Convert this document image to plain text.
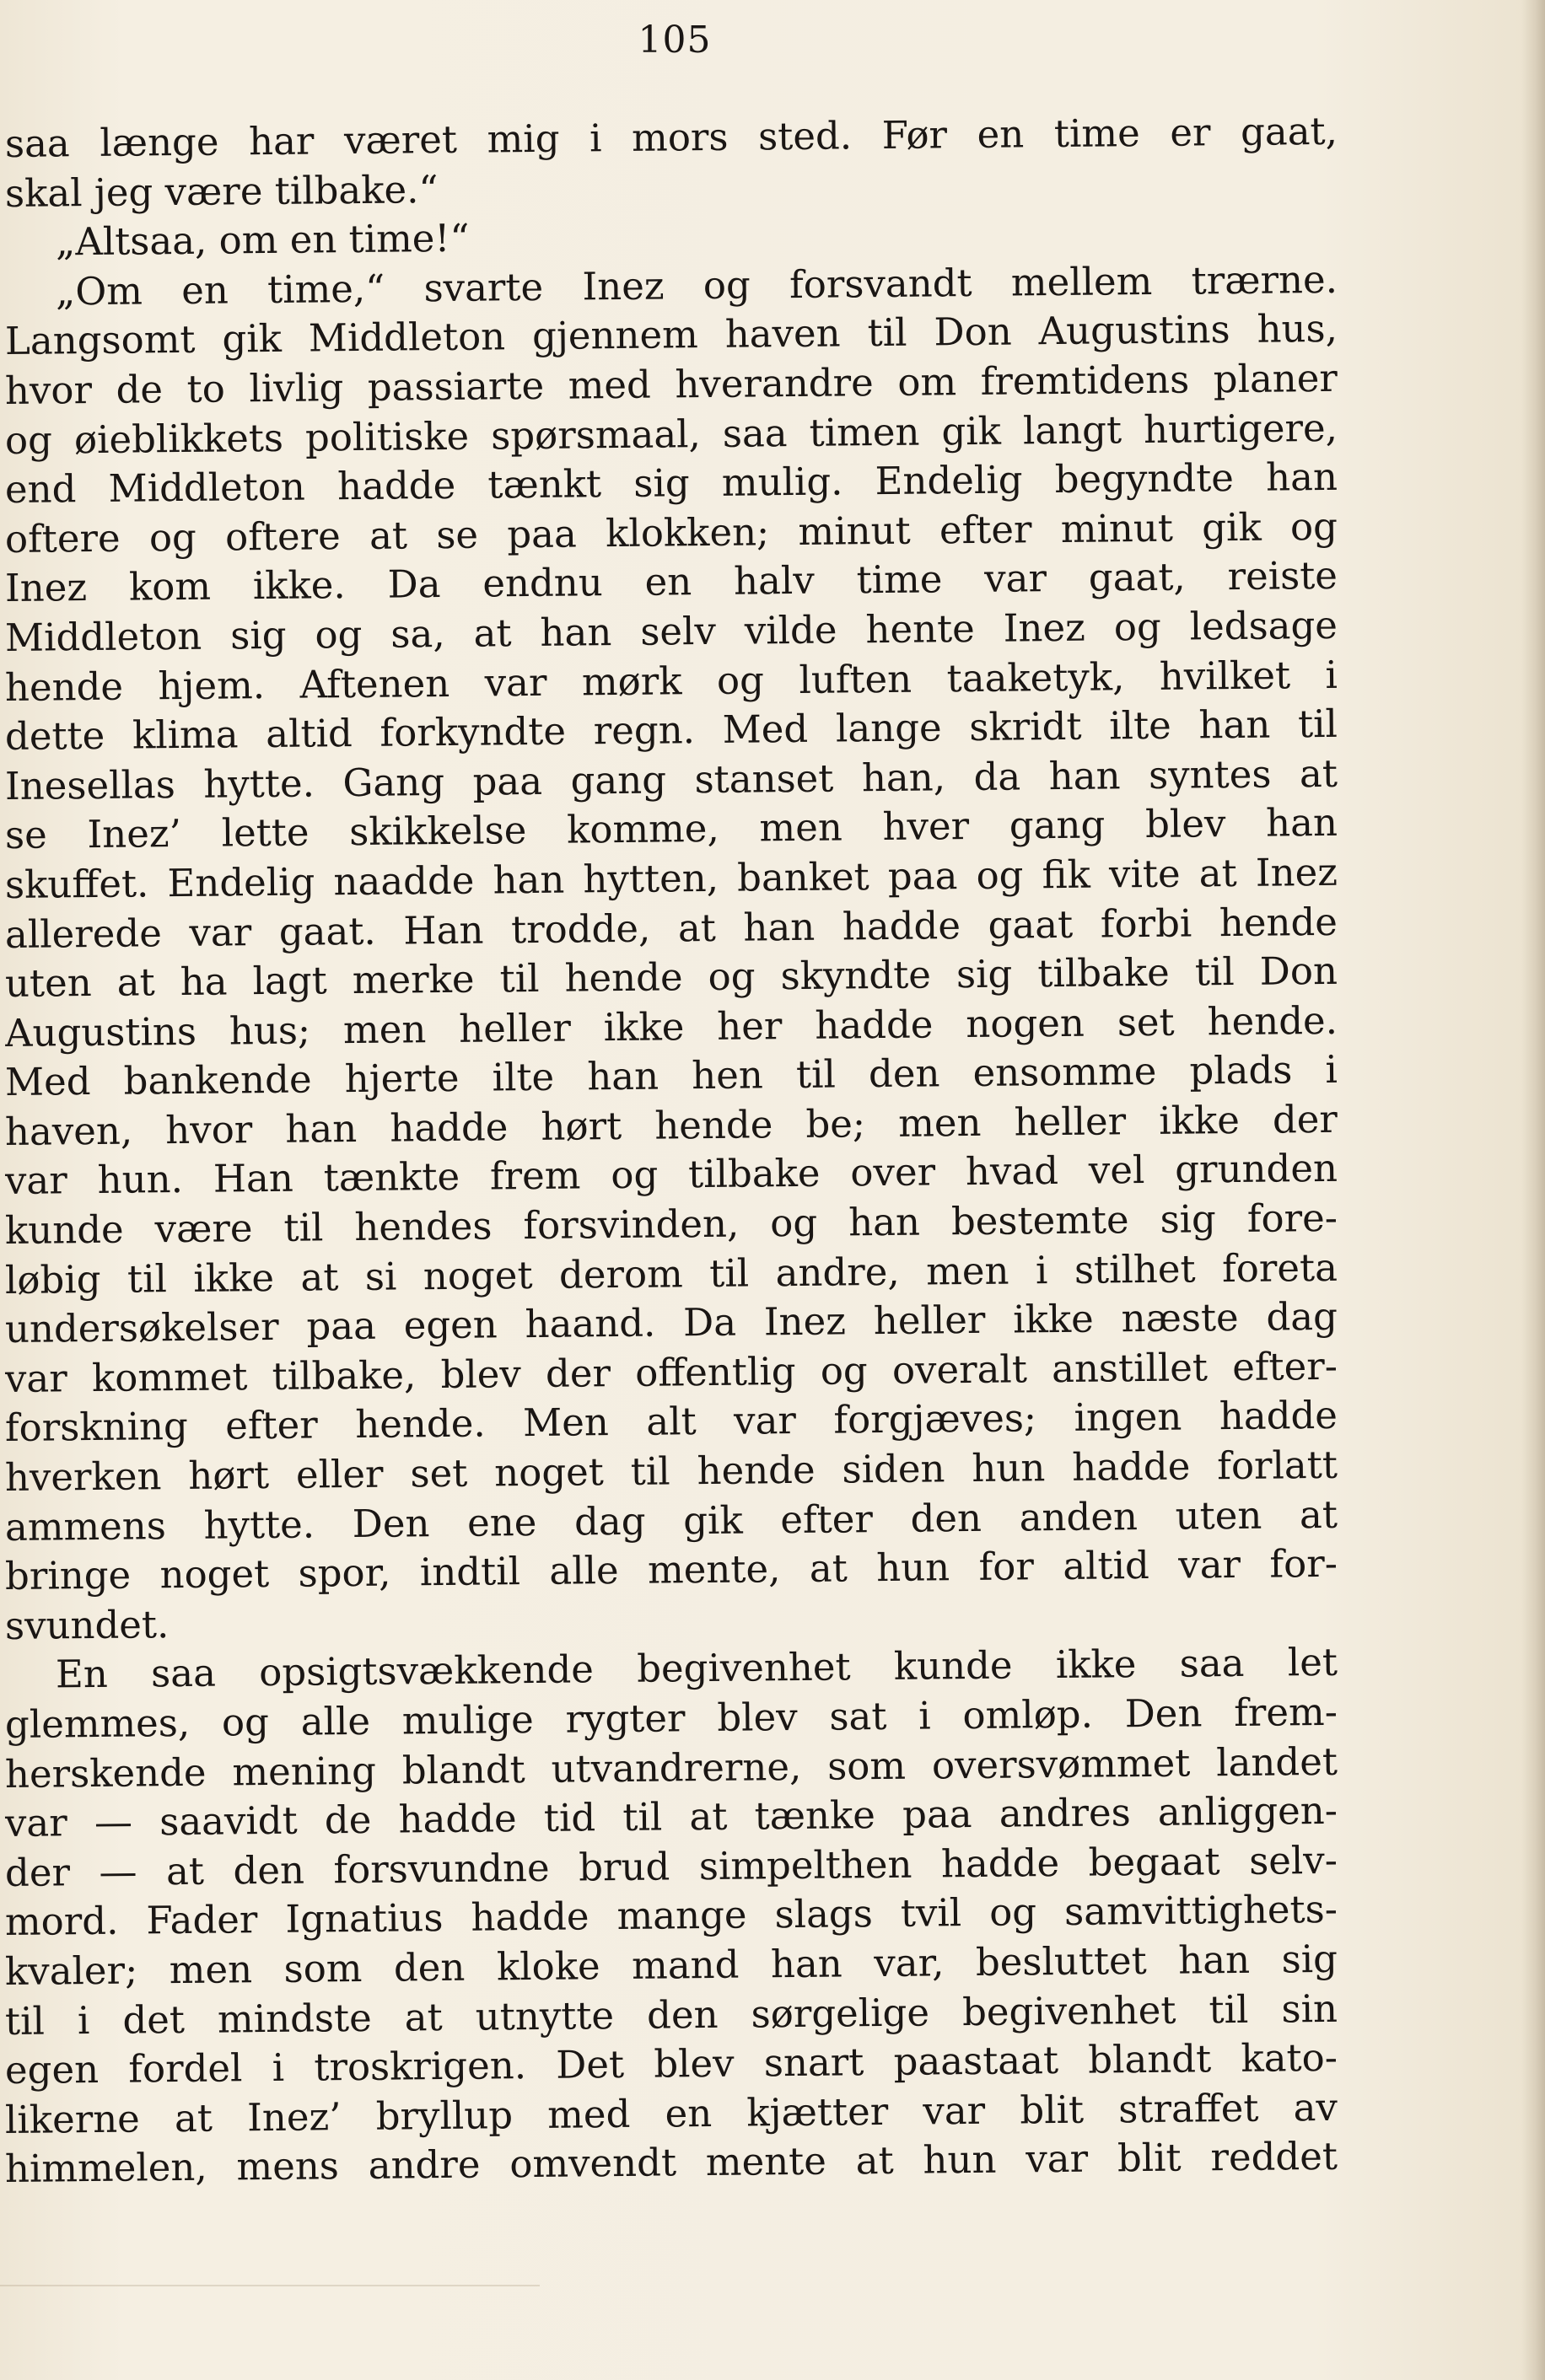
105
saa længe har været mig i mors sted. Før en time er gaat,
skal jeg være tilbake.“
„Altsaa, om en time!“
„Om en time,“ svarte Inez og forsvandt mellem trærne.
Langsomt gik Middleton gjennem haven til Don Augustins hus,
hvor de to livlig passiarte med hverandre om fremtidens planer
og øieblikkets politiske spørsmaal, saa timen gik langt hurtigere,
end Middleton hadde tænkt sig mulig. Endelig begyndte han
oftere og oftere at se paa klokken; minut efter minut gik og
Inez kom ikke. Da endnu en halv time var gaat, reiste
Middleton sig og sa, at han selv vilde hente Inez og ledsage
hende hjem. Aftenen var mørk og luften taaketyk, hvilket i
dette klima altid forkyndte regn. Med lange skridt ilte han til
Inesellas hytte. Gang paa gang stanset han, da han syntes at
se Inez’ lette skikkelse komme, men hver gang blev han
skuffet. Endelig naadde han hytten, banket paa og fik vite at Inez
allerede var gaat. Han trodde, at han hadde gaat forbi hende
uten at ha lagt merke til hende og skyndte sig tilbake til Don
Augustins hus; men heller ikke her hadde nogen set hende.
Med bankende hjerte ilte han hen til den ensomme plads i
haven, hvor han hadde hørt hende be; men heller ikke der
var hun. Han tænkte frem og tilbake over hvad vel grunden
kunde være til hendes forsvinden, og han bestemte sig fore-
løbig til ikke at si noget derom til andre, men i stilhet foreta
undersøkelser paa egen haand. Da Inez heller ikke næste dag
var kommet tilbake, blev der offentlig og overalt anstillet efter-
forskning efter hende. Men alt var forgjæves; ingen hadde
hverken hørt eller set noget til hende siden hun hadde forlatt
ammens hytte. Den ene dag gik efter den anden uten at
bringe noget spor, indtil alle mente, at hun for altid var for-
svundet.
En saa opsigtsvækkende begivenhet kunde ikke saa let
glemmes, og alle mulige rygter blev sat i omløp. Den frem-
herskende mening blandt utvandrerne, som oversvømmet landet
var — saavidt de hadde tid til at tænke paa andres anliggen-
der — at den forsvundne brud simpelthen hadde begaat selv-
mord. Fader Ignatius hadde mange slags tvil og samvittighets-
kvaler; men som den kloke mand han var, besluttet han sig
til i det mindste at utnytte den sørgelige begivenhet til sin
egen fordel i troskrigen. Det blev snart paastaat blandt kato-
likerne at Inez’ bryllup med en kjætter var blit straffet av
himmelen, mens andre omvendt mente at hun var blit reddet
